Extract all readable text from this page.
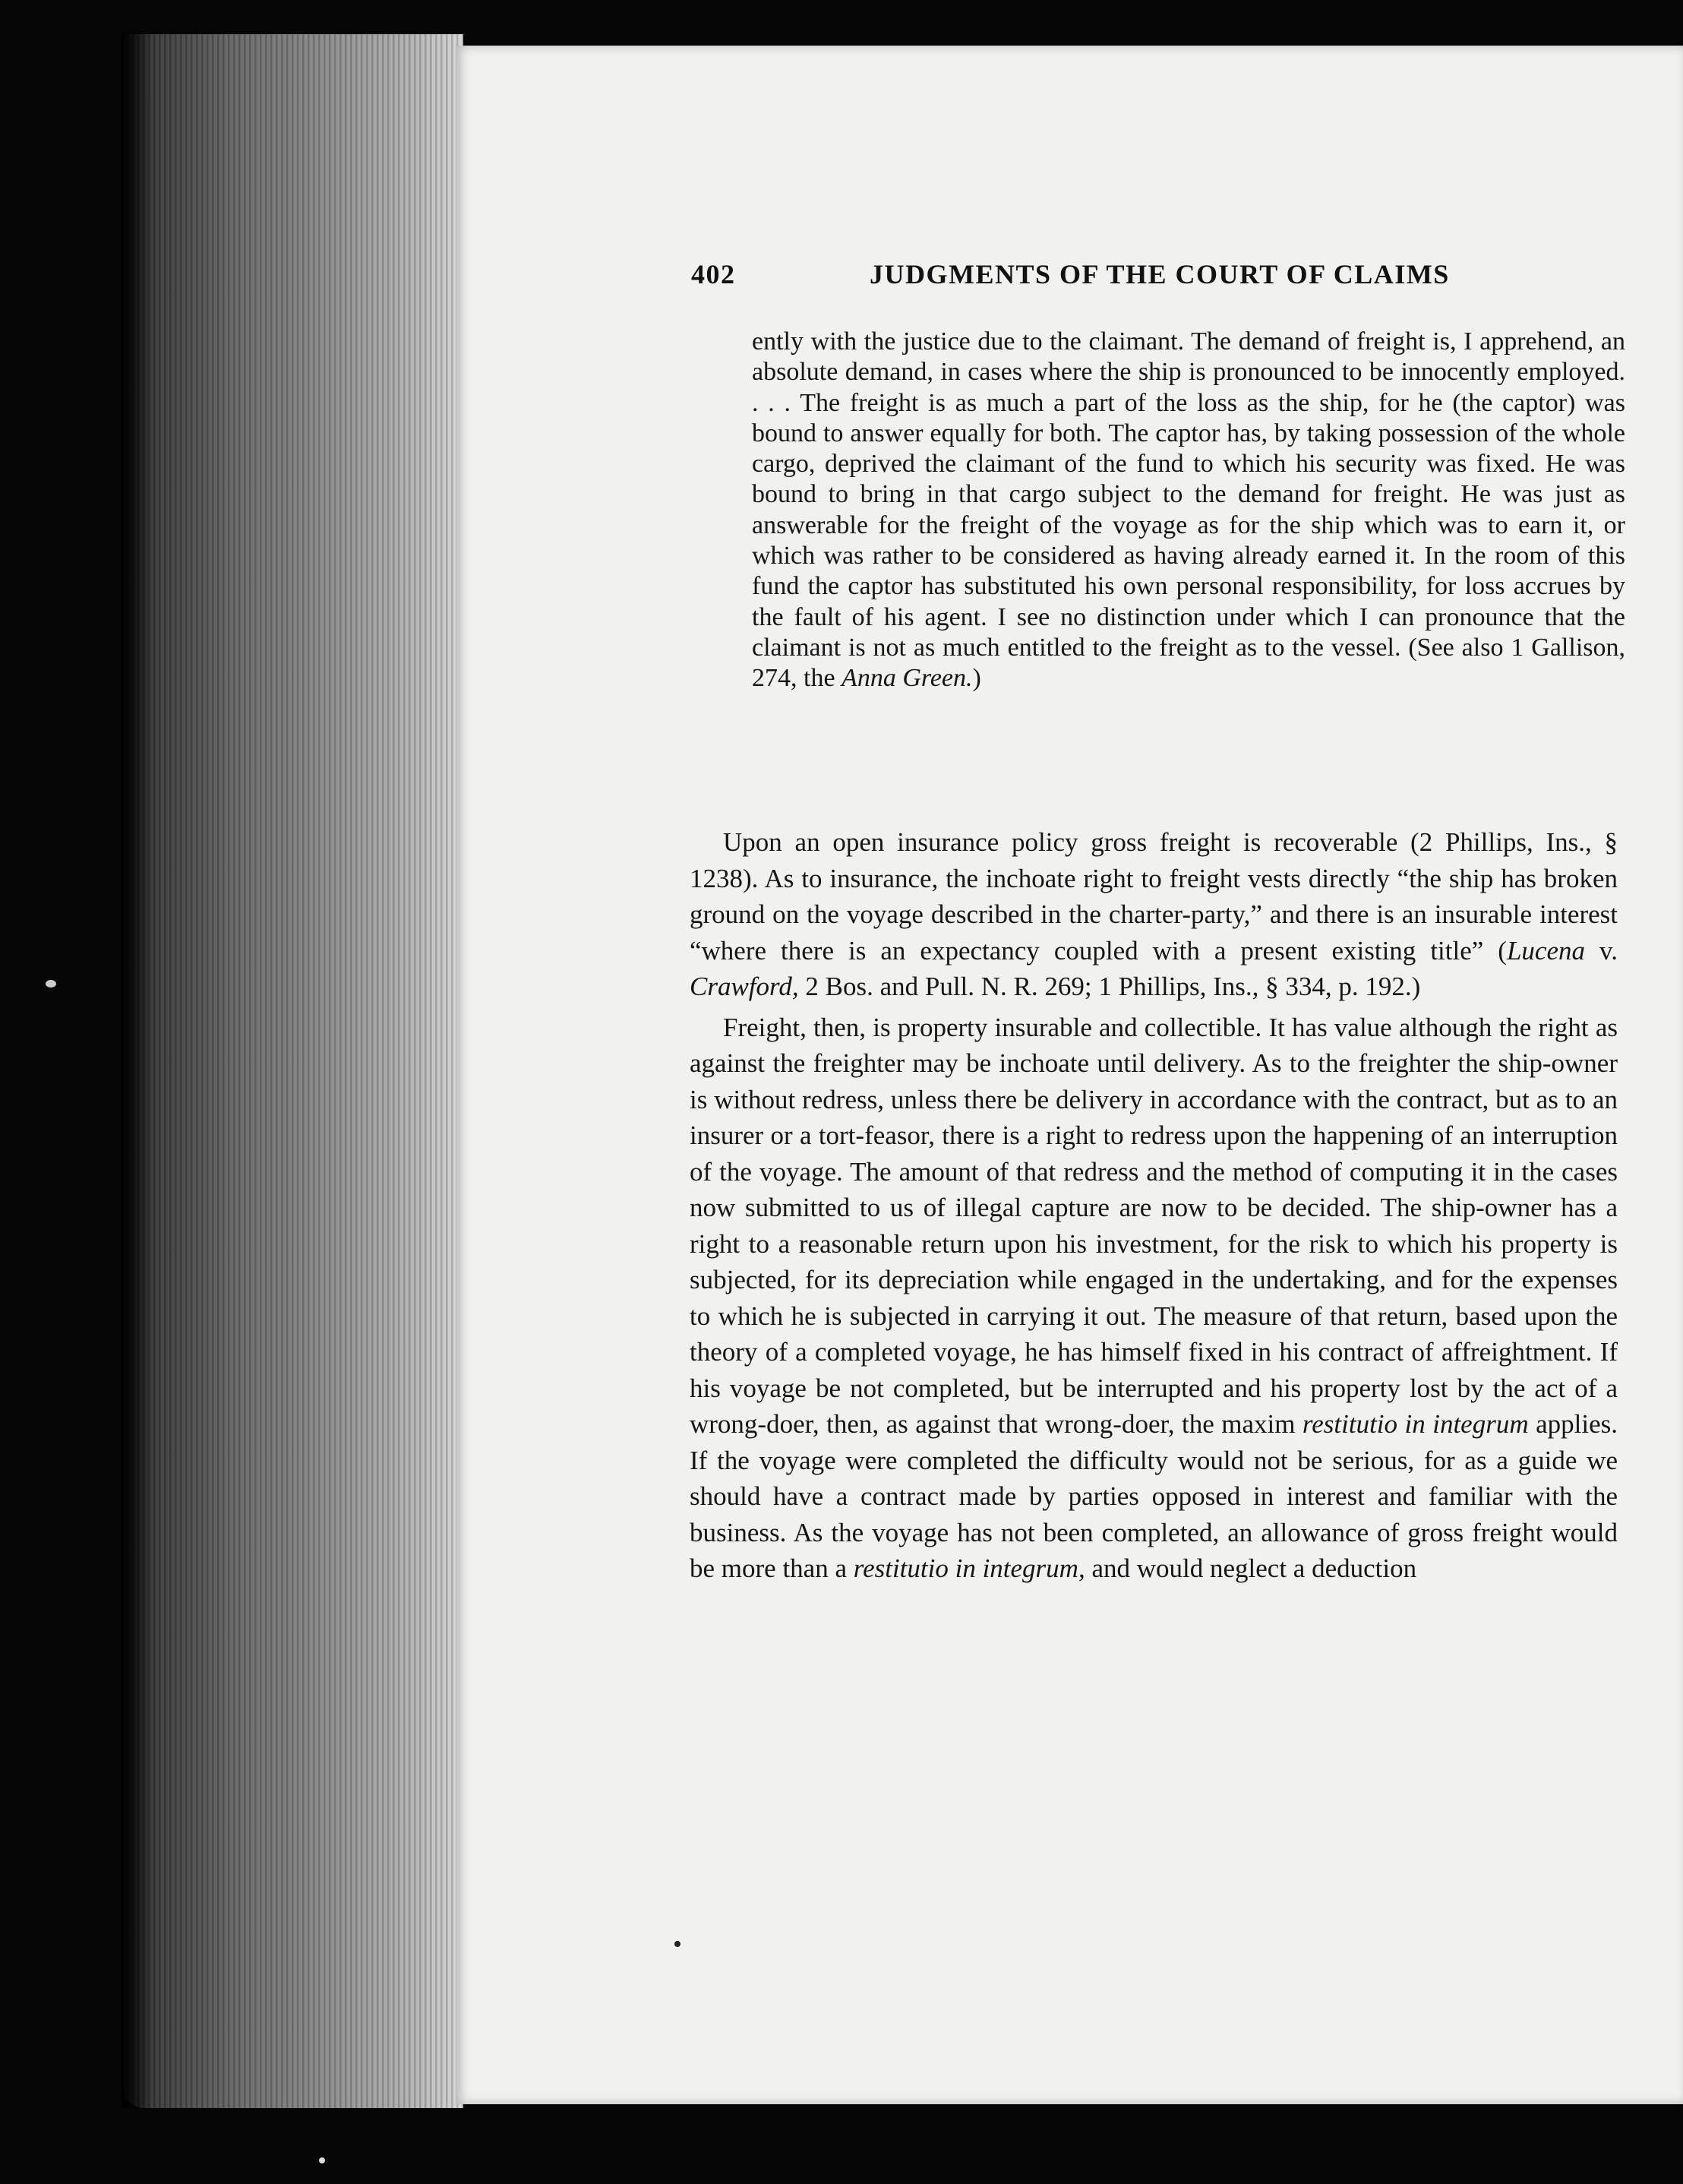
402	JUDGMENTS OF THE COURT OF CLAIMS

ently with the justice due to the claimant. The demand of freight is, I apprehend, an absolute demand, in cases where the ship is pronounced to be innocently employed. . . . The freight is as much a part of the loss as the ship, for he (the captor) was bound to answer equally for both. The captor has, by taking possession of the whole cargo, deprived the claimant of the fund to which his security was fixed. He was bound to bring in that cargo subject to the demand for freight. He was just as answerable for the freight of the voyage as for the ship which was to earn it, or which was rather to be considered as having already earned it. In the room of this fund the captor has substituted his own personal responsibility, for loss accrues by the fault of his agent. I see no distinction under which I can pronounce that the claimant is not as much entitled to the freight as to the vessel. (See also 1 Gallison, 274, the Anna Green.)

Upon an open insurance policy gross freight is recoverable (2 Phillips, Ins., § 1238). As to insurance, the inchoate right to freight vests directly “the ship has broken ground on the voyage described in the charter-party,” and there is an insurable interest “where there is an expectancy coupled with a present existing title” (Lucena v. Crawford, 2 Bos. and Pull. N. R. 269; 1 Phillips, Ins., § 334, p. 192.)

Freight, then, is property insurable and collectible. It has value although the right as against the freighter may be inchoate until delivery. As to the freighter the ship-owner is without redress, unless there be delivery in accordance with the contract, but as to an insurer or a tort-feasor, there is a right to redress upon the happening of an interruption of the voyage. The amount of that redress and the method of computing it in the cases now submitted to us of illegal capture are now to be decided. The ship-owner has a right to a reasonable return upon his investment, for the risk to which his property is subjected, for its depreciation while engaged in the undertaking, and for the expenses to which he is subjected in carrying it out. The measure of that return, based upon the theory of a completed voyage, he has himself fixed in his contract of affreightment. If his voyage be not completed, but be interrupted and his property lost by the act of a wrong-doer, then, as against that wrong-doer, the maxim restitutio in integrum applies. If the voyage were completed the difficulty would not be serious, for as a guide we should have a contract made by parties opposed in interest and familiar with the business. As the voyage has not been completed, an allowance of gross freight would be more than a restitutio in integrum, and would neglect a deduction
